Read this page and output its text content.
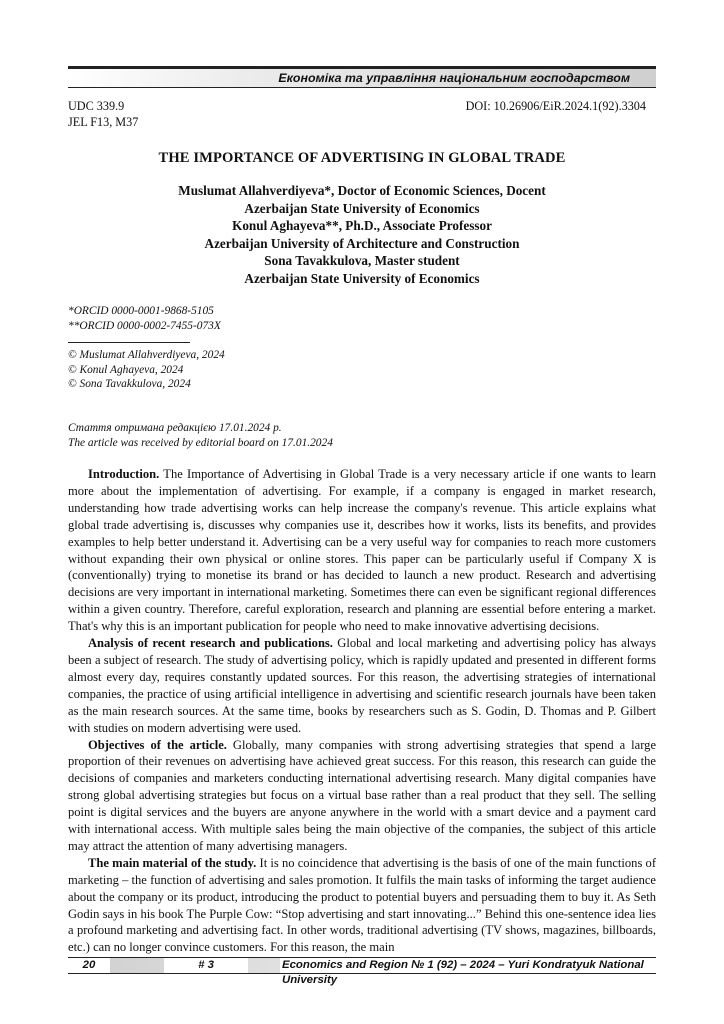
Економіка та управління національним господарством
UDC 339.9
JEL F13, M37
DOI: 10.26906/EiR.2024.1(92).3304
THE IMPORTANCE OF ADVERTISING IN GLOBAL TRADE
Muslumat Allahverdiyeva*, Doctor of Economic Sciences, Docent
Azerbaijan State University of Economics
Konul Aghayeva**, Ph.D., Associate Professor
Azerbaijan University of Architecture and Construction
Sona Tavakkulova, Master student
Azerbaijan State University of Economics
*ORCID 0000-0001-9868-5105
**ORCID 0000-0002-7455-073X
© Muslumat Allahverdiyeva, 2024
© Konul Aghayeva, 2024
© Sona Tavakkulova, 2024
Стаття отримана редакцією 17.01.2024 р.
The article was received by editorial board on 17.01.2024

Introduction. The Importance of Advertising in Global Trade is a very necessary article if one wants to learn more about the implementation of advertising. For example, if a company is engaged in market research, understanding how trade advertising works can help increase the company's revenue. This article explains what global trade advertising is, discusses why companies use it, describes how it works, lists its benefits, and provides examples to help better understand it. Advertising can be a very useful way for companies to reach more customers without expanding their own physical or online stores. This paper can be particularly useful if Company X is (conventionally) trying to monetise its brand or has decided to launch a new product. Research and advertising decisions are very important in international marketing. Sometimes there can even be significant regional differences within a given country. Therefore, careful exploration, research and planning are essential before entering a market. That's why this is an important publication for people who need to make innovative advertising decisions.

Analysis of recent research and publications. Global and local marketing and advertising policy has always been a subject of research. The study of advertising policy, which is rapidly updated and presented in different forms almost every day, requires constantly updated sources. For this reason, the advertising strategies of international companies, the practice of using artificial intelligence in advertising and scientific research journals have been taken as the main research sources. At the same time, books by researchers such as S. Godin, D. Thomas and P. Gilbert with studies on modern advertising were used.

Objectives of the article. Globally, many companies with strong advertising strategies that spend a large proportion of their revenues on advertising have achieved great success. For this reason, this research can guide the decisions of companies and marketers conducting international advertising research. Many digital companies have strong global advertising strategies but focus on a virtual base rather than a real product that they sell. The selling point is digital services and the buyers are anyone anywhere in the world with a smart device and a payment card with international access. With multiple sales being the main objective of the companies, the subject of this article may attract the attention of many advertising managers.

The main material of the study. It is no coincidence that advertising is the basis of one of the main functions of marketing – the function of advertising and sales promotion. It fulfils the main tasks of informing the target audience about the company or its product, introducing the product to potential buyers and persuading them to buy it. As Seth Godin says in his book The Purple Cow: “Stop advertising and start innovating...” Behind this one-sentence idea lies a profound marketing and advertising fact. In other words, traditional advertising (TV shows, magazines, billboards, etc.) can no longer convince customers. For this reason, the main

20	# 3	Economics and Region № 1 (92) – 2024 – Yuri Kondratyuk National University
